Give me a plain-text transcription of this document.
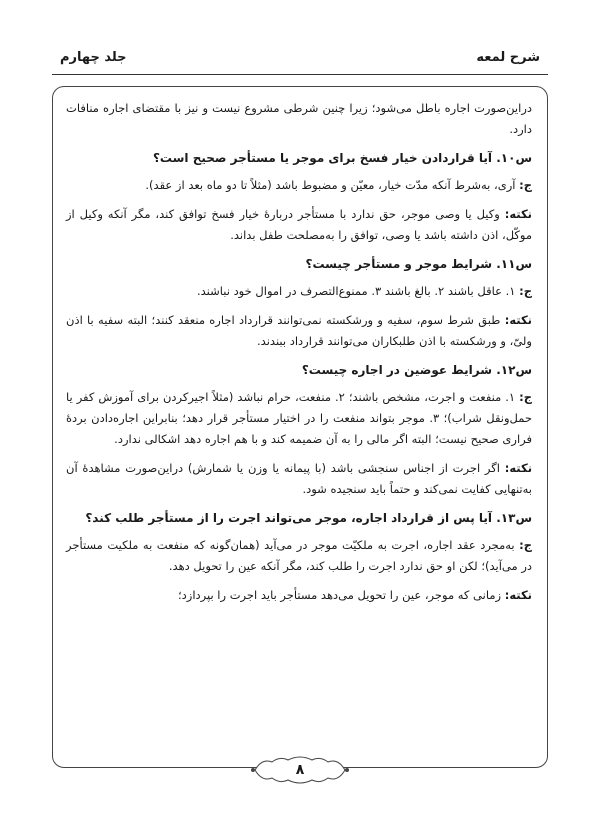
جلد چهارم	شرح لمعه

دراین‌صورت اجاره باطل می‌شود؛ زیرا چنین شرطی مشروع نیست و نیز با مقتضای اجاره منافات دارد.

س۱۰. آیا قراردادن خیار فسخ برای موجر یا مستأجر صحیح است؟

ج: آری، به‌شرط آنکه مدّت خیار، معیّن و مضبوط باشد (مثلاً تا دو ماه بعد از عقد).

نکته: وکیل یا وصی موجر، حق ندارد با مستأجر دربارهٔ خیار فسخ توافق کند، مگر آنکه وکیل از موکّل، اذن داشته باشد یا وصی، توافق را به‌مصلحت طفل بداند.

س۱۱. شرایط موجر و مستأجر چیست؟

ج: ۱. عاقل باشند ۲. بالغ باشند ۳. ممنوع‌التصرف در اموال خود نباشند.

نکته: طبق شرط سوم، سفیه و ورشکسته نمی‌توانند قرارداد اجاره منعقد کنند؛ البته سفیه با اذن ولیّ، و ورشکسته با اذن طلبکاران می‌توانند قرارداد ببندند.

س۱۲. شرایط عوضین در اجاره چیست؟

ج: ۱. منفعت و اجرت، مشخص باشند؛ ۲. منفعت، حرام نباشد (مثلاً اجیرکردن برای آموزش کفر یا حمل‌ونقل شراب)؛ ۳. موجر بتواند منفعت را در اختیار مستأجر قرار دهد؛ بنابراین اجاره‌دادن بردهٔ فراری صحیح نیست؛ البته اگر مالی را به آن ضمیمه کند و با هم اجاره دهد اشکالی ندارد.

نکته: اگر اجرت از اجناس سنجشی باشد (با پیمانه یا وزن یا شمارش) دراین‌صورت مشاهدهٔ آن به‌تنهایی کفایت نمی‌کند و حتماً باید سنجیده شود.

س۱۳. آیا پس از قرارداد اجاره، موجر می‌تواند اجرت را از مستأجر طلب کند؟

ج: به‌مجرد عقد اجاره، اجرت به ملکیّت موجر در می‌آید (همان‌گونه که منفعت به ملکیت مستأجر در می‌آید)؛ لکن او حق ندارد اجرت را طلب کند، مگر آنکه عین را تحویل دهد.

نکته: زمانی که موجر، عین را تحویل می‌دهد مستأجر باید اجرت را بپردازد؛

۸
